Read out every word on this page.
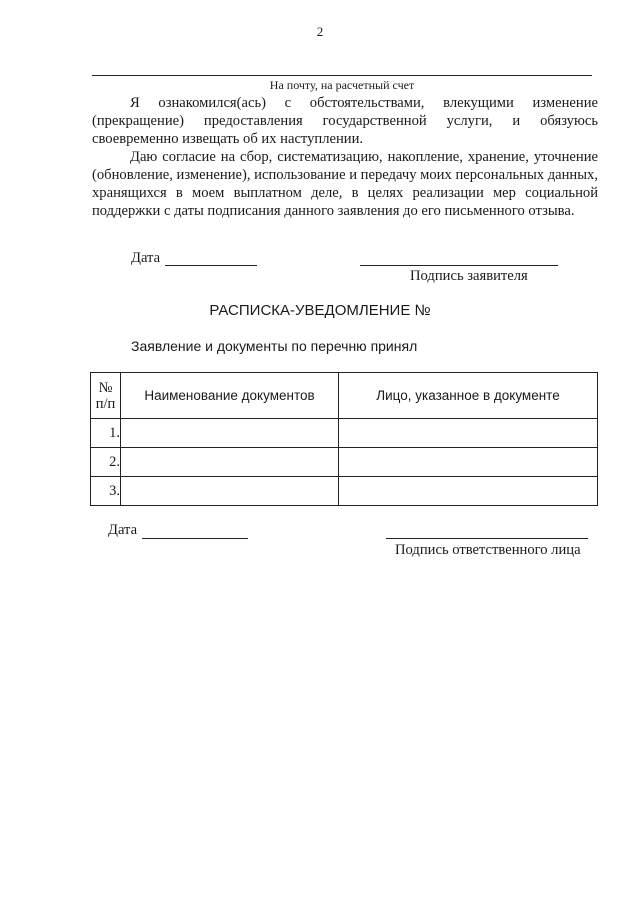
2
На почту, на расчетный счет

Я ознакомился(ась) с обстоятельствами, влекущими изменение (прекращение) предоставления государственной услуги, и обязуюсь своевременно извещать об их наступлении.

Даю согласие на сбор, систематизацию, накопление, хранение, уточнение (обновление, изменение), использование и передачу моих персональных данных, хранящихся в моем выплатном деле, в целях реализации мер социальной поддержки с даты подписания данного заявления до его письменного отзыва.

Дата
Подпись заявителя
РАСПИСКА-УВЕДОМЛЕНИЕ №
Заявление и документы по перечню принял
№ п/п	Наименование документов	Лицо, указанное в документе
1.		
2.		
3.		
Дата
Подпись ответственного лица
